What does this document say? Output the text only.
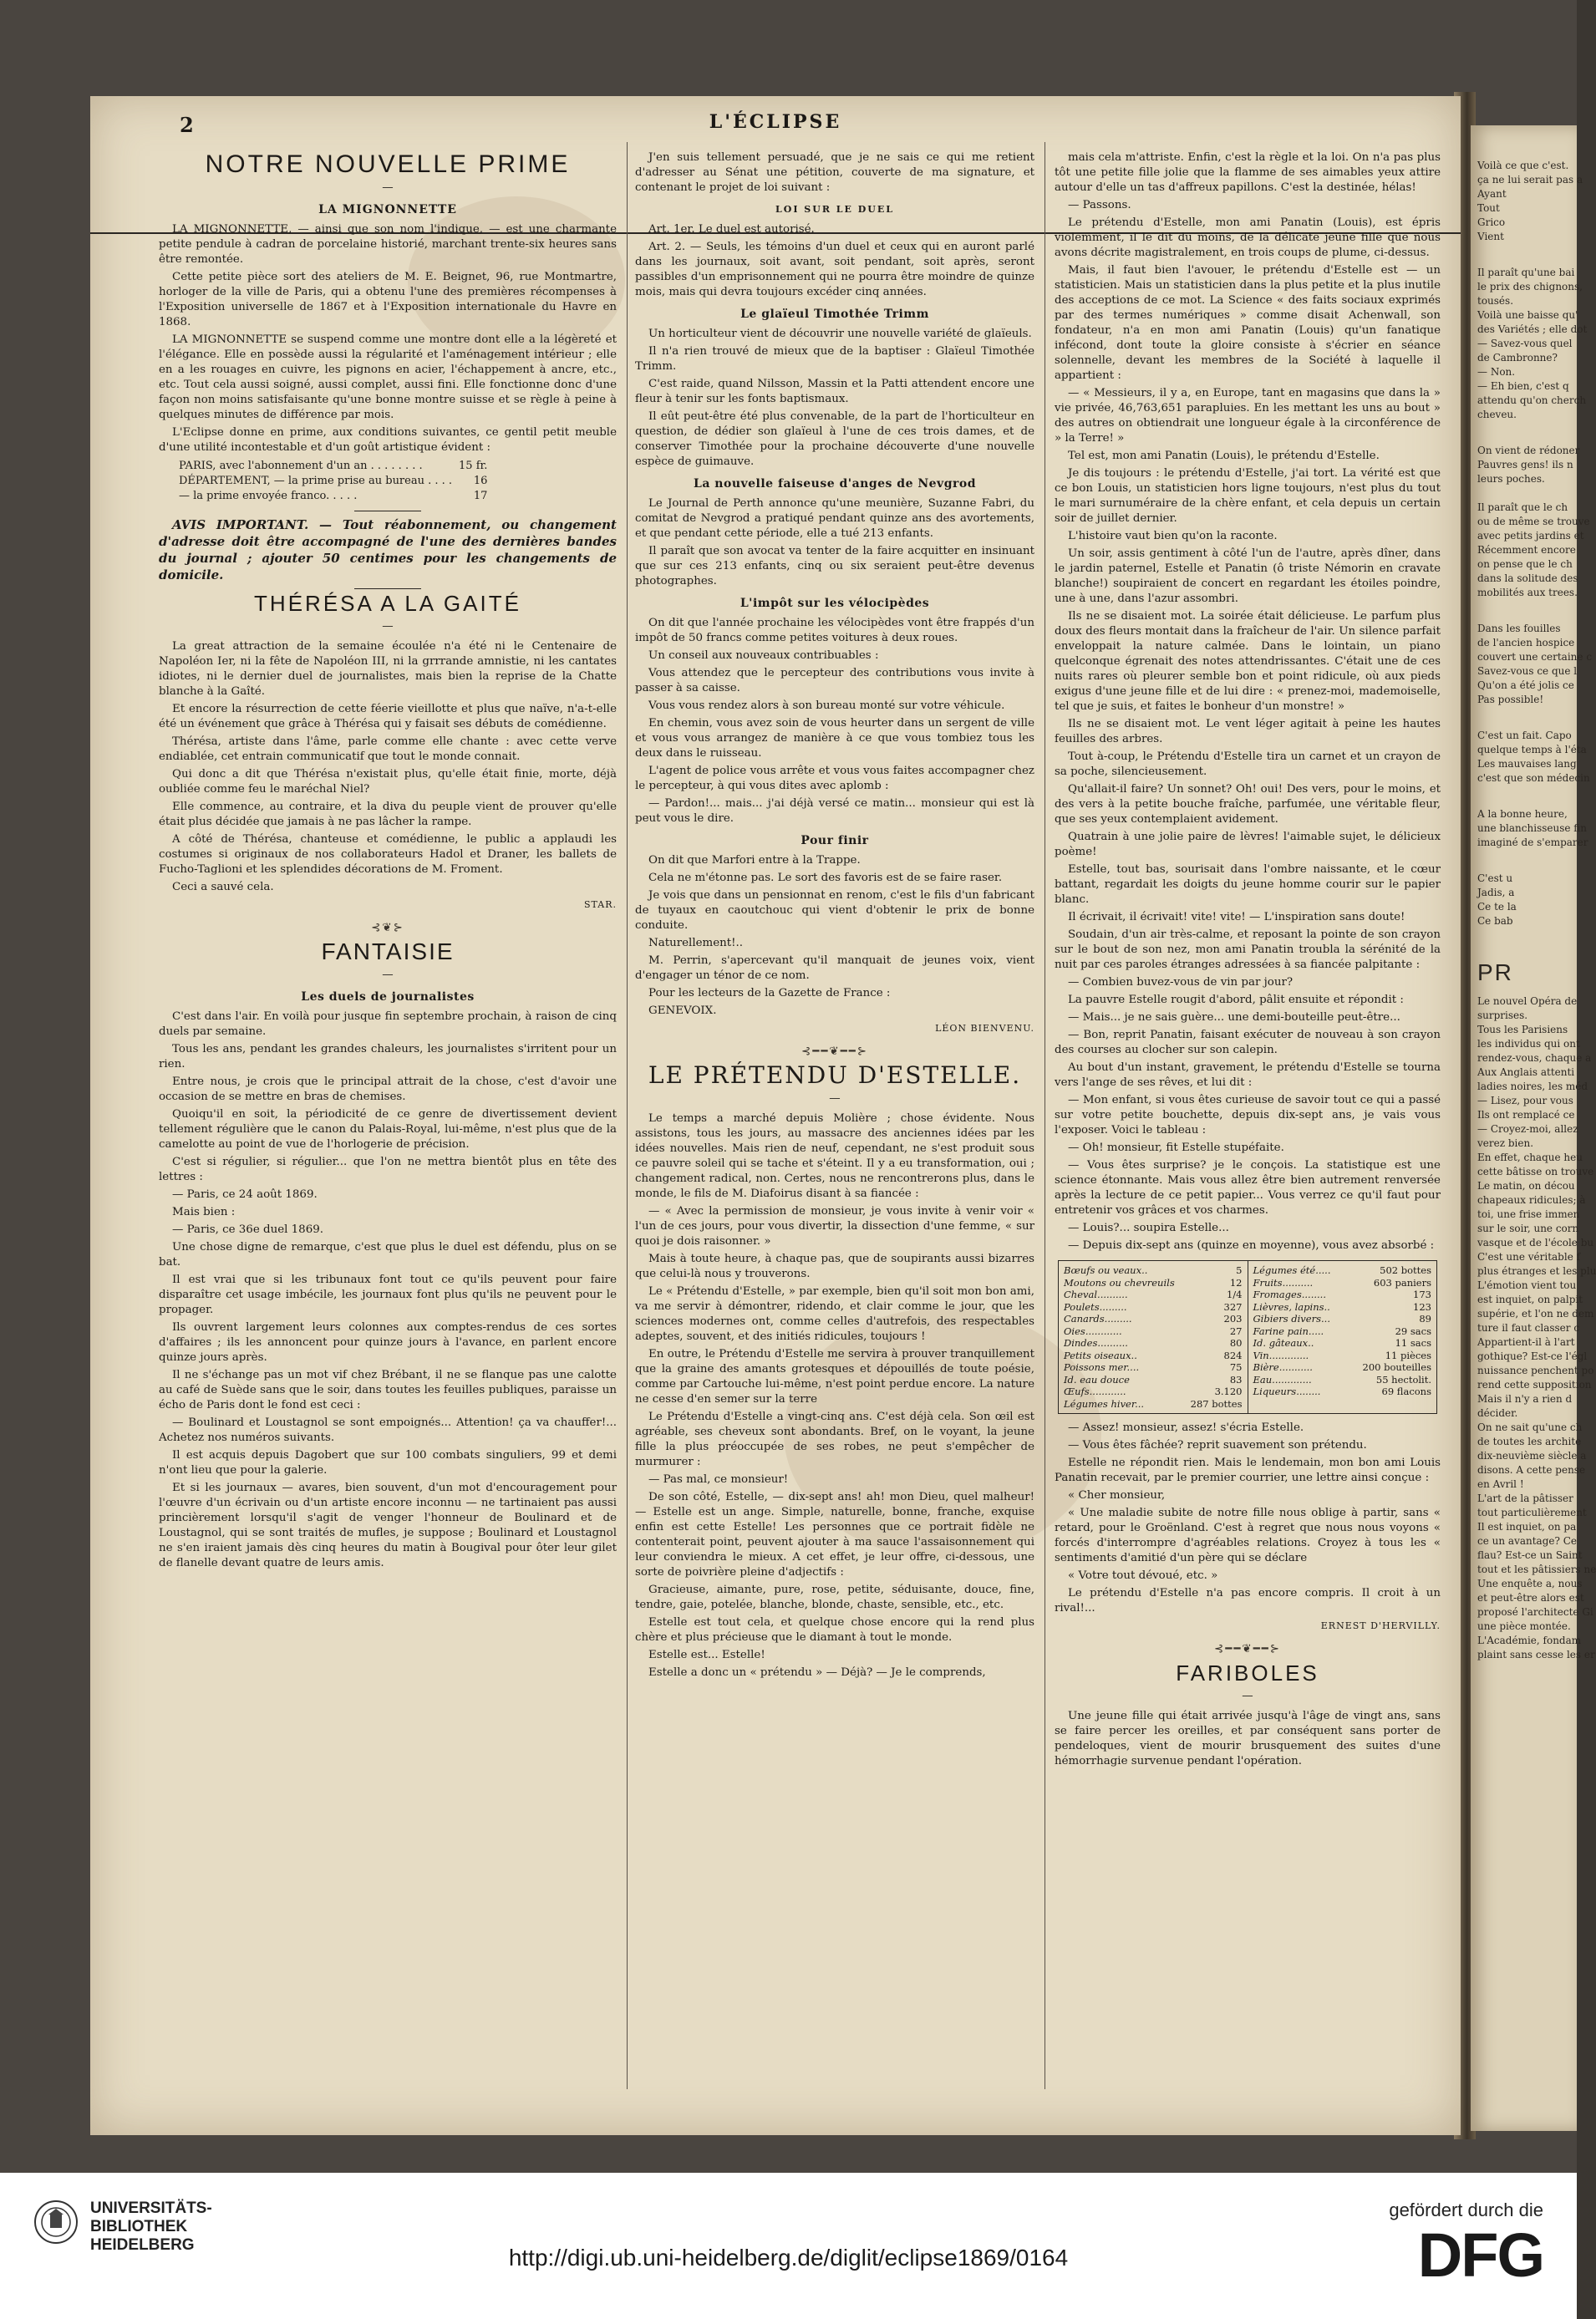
2	L'ÉCLIPSE
NOTRE NOUVELLE PRIME
—
LA MIGNONNETTE

LA MIGNONNETTE, — ainsi que son nom l'indique, — est une charmante petite pendule à cadran de porcelaine historié, marchant trente-six heures sans être remontée.

Cette petite pièce sort des ateliers de M. E. Beignet, 96, rue Montmartre, horloger de la ville de Paris, qui a obtenu l'une des premières récompenses à l'Exposition universelle de 1867 et à l'Exposition internationale du Havre en 1868.

LA MIGNONNETTE se suspend comme une montre dont elle a la légèreté et l'élégance. Elle en possède aussi la régularité et l'aménagement intérieur ; elle en a les rouages en cuivre, les pignons en acier, l'échappement à ancre, etc., etc. Tout cela aussi soigné, aussi complet, aussi fini. Elle fonctionne donc d'une façon non moins satisfaisante qu'une bonne montre suisse et se règle à peine à quelques minutes de différence par mois.

L'Eclipse donne en prime, aux conditions suivantes, ce gentil petit meuble d'une utilité incontestable et d'un goût artistique évident :

PARIS, avec l'abonnement d'un an . . . . . . . .	15 fr.
DÉPARTEMENT, — la prime prise au bureau . . . .	16
— la prime envoyée franco. . . . .	17

AVIS IMPORTANT. — Tout réabonnement, ou changement d'adresse doit être accompagné de l'une des dernières bandes du journal ; ajouter 50 centimes pour les changements de domicile.

THÉRÉSA A LA GAITÉ
—

La great attraction de la semaine écoulée n'a été ni le Centenaire de Napoléon Ier, ni la fête de Napoléon III, ni la grrrande amnistie, ni les cantates idiotes, ni le dernier duel de journalistes, mais bien la reprise de la Chatte blanche à la Gaîté.

Et encore la résurrection de cette féerie vieillotte et plus que naïve, n'a-t-elle été un événement que grâce à Thérésa qui y faisait ses débuts de comédienne.

Thérésa, artiste dans l'âme, parle comme elle chante : avec cette verve endiablée, cet entrain communicatif que tout le monde connait.

Qui donc a dit que Thérésa n'existait plus, qu'elle était finie, morte, déjà oubliée comme feu le maréchal Niel?

Elle commence, au contraire, et la diva du peuple vient de prouver qu'elle était plus décidée que jamais à ne pas lâcher la rampe.

A côté de Thérésa, chanteuse et comédienne, le public a applaudi les costumes si originaux de nos collaborateurs Hadol et Draner, les ballets de Fucho-Taglioni et les splendides décorations de M. Froment.

Ceci a sauvé cela.

STAR.
⊰❦⊱
FANTAISIE
—
Les duels de journalistes

C'est dans l'air. En voilà pour jusque fin septembre prochain, à raison de cinq duels par semaine.

Tous les ans, pendant les grandes chaleurs, les journalistes s'irritent pour un rien.

Entre nous, je crois que le principal attrait de la chose, c'est d'avoir une occasion de se mettre en bras de chemises.

Quoiqu'il en soit, la périodicité de ce genre de divertissement devient tellement régulière que le canon du Palais-Royal, lui-même, n'est plus que de la camelotte au point de vue de l'horlogerie de précision.

C'est si régulier, si régulier... que l'on ne mettra bientôt plus en tête des lettres :

— Paris, ce 24 août 1869.

Mais bien :

— Paris, ce 36e duel 1869.

Une chose digne de remarque, c'est que plus le duel est défendu, plus on se bat.

Il est vrai que si les tribunaux font tout ce qu'ils peuvent pour faire disparaître cet usage imbécile, les journaux font plus qu'ils ne peuvent pour le propager.

Ils ouvrent largement leurs colonnes aux comptes-rendus de ces sortes d'affaires ; ils les annoncent pour quinze jours à l'avance, en parlent encore quinze jours après.

Il ne s'échange pas un mot vif chez Brébant, il ne se flanque pas une calotte au café de Suède sans que le soir, dans toutes les feuilles publiques, paraisse un écho de Paris dont le fond est ceci :

— Boulinard et Loustagnol se sont empoignés... Attention! ça va chauffer!... Achetez nos numéros suivants.

Il est acquis depuis Dagobert que sur 100 combats singuliers, 99 et demi n'ont lieu que pour la galerie.

Et si les journaux — avares, bien souvent, d'un mot d'encouragement pour l'œuvre d'un écrivain ou d'un artiste encore inconnu — ne tartinaient pas aussi princièrement lorsqu'il s'agit de venger l'honneur de Boulinard et de Loustagnol, qui se sont traités de mufles, je suppose ; Boulinard et Loustagnol ne s'en iraient jamais dès cinq heures du matin à Bougival pour ôter leur gilet de flanelle devant quatre de leurs amis.

J'en suis tellement persuadé, que je ne sais ce qui me retient d'adresser au Sénat une pétition, couverte de ma signature, et contenant le projet de loi suivant :

LOI SUR LE DUEL

Art. 1er. Le duel est autorisé.

Art. 2. — Seuls, les témoins d'un duel et ceux qui en auront parlé dans les journaux, soit avant, soit pendant, soit après, seront passibles d'un emprisonnement qui ne pourra être moindre de quinze mois, mais qui devra toujours excéder cinq années.

Le glaïeul Timothée Trimm

Un horticulteur vient de découvrir une nouvelle variété de glaïeuls.

Il n'a rien trouvé de mieux que de la baptiser : Glaïeul Timothée Trimm.

C'est raide, quand Nilsson, Massin et la Patti attendent encore une fleur à tenir sur les fonts baptismaux.

Il eût peut-être été plus convenable, de la part de l'horticulteur en question, de dédier son glaïeul à l'une de ces trois dames, et de conserver Timothée pour la prochaine découverte d'une nouvelle espèce de guimauve.

La nouvelle faiseuse d'anges de Nevgrod

Le Journal de Perth annonce qu'une meunière, Suzanne Fabri, du comitat de Nevgrod a pratiqué pendant quinze ans des avortements, et que pendant cette période, elle a tué 213 enfants.

Il paraît que son avocat va tenter de la faire acquitter en insinuant que sur ces 213 enfants, cinq ou six seraient peut-être devenus photographes.

L'impôt sur les vélocipèdes

On dit que l'année prochaine les vélocipèdes vont être frappés d'un impôt de 50 francs comme petites voitures à deux roues.

Un conseil aux nouveaux contribuables :

Vous attendez que le percepteur des contributions vous invite à passer à sa caisse.

Vous vous rendez alors à son bureau monté sur votre véhicule.

En chemin, vous avez soin de vous heurter dans un sergent de ville et vous vous arrangez de manière à ce que vous tombiez tous les deux dans le ruisseau.

L'agent de police vous arrête et vous vous faites accompagner chez le percepteur, à qui vous dites avec aplomb :

— Pardon!... mais... j'ai déjà versé ce matin... monsieur qui est là peut vous le dire.

Pour finir

On dit que Marfori entre à la Trappe.

Cela ne m'étonne pas. Le sort des favoris est de se faire raser.

Je vois que dans un pensionnat en renom, c'est le fils d'un fabricant de tuyaux en caoutchouc qui vient d'obtenir le prix de bonne conduite.

Naturellement!..

M. Perrin, s'apercevant qu'il manquait de jeunes voix, vient d'engager un ténor de ce nom.

Pour les lecteurs de la Gazette de France :

GENEVOIX.

LÉON BIENVENU.
⊰━━❦━━⊱
LE PRÉTENDU D'ESTELLE.
—

Le temps a marché depuis Molière ; chose évidente. Nous assistons, tous les jours, au massacre des anciennes idées par les idées nouvelles. Mais rien de neuf, cependant, ne s'est produit sous ce pauvre soleil qui se tache et s'éteint. Il y a eu transformation, oui ; changement radical, non. Certes, nous ne rencontrerons plus, dans le monde, le fils de M. Diafoirus disant à sa fiancée :

— « Avec la permission de monsieur, je vous invite à venir voir « l'un de ces jours, pour vous divertir, la dissection d'une femme, « sur quoi je dois raisonner. »

Mais à toute heure, à chaque pas, que de soupirants aussi bizarres que celui-là nous y trouverons.

Le « Prétendu d'Estelle, » par exemple, bien qu'il soit mon bon ami, va me servir à démontrer, ridendo, et clair comme le jour, que les sciences modernes ont, comme celles d'autrefois, des respectables adeptes, souvent, et des initiés ridicules, toujours !

En outre, le Prétendu d'Estelle me servira à prouver tranquillement que la graine des amants grotesques et dépouillés de toute poésie, comme par Cartouche lui-même, n'est point perdue encore. La nature ne cesse d'en semer sur la terre

Le Prétendu d'Estelle a vingt-cinq ans. C'est déjà cela. Son œil est agréable, ses cheveux sont abondants. Bref, on le voyant, la jeune fille la plus préoccupée de ses robes, ne peut s'empêcher de murmurer :

— Pas mal, ce monsieur!

De son côté, Estelle, — dix-sept ans! ah! mon Dieu, quel malheur! — Estelle est un ange. Simple, naturelle, bonne, franche, exquise enfin est cette Estelle! Les personnes que ce portrait fidèle ne contenterait point, peuvent ajouter à ma sauce l'assaisonnement qui leur conviendra le mieux. A cet effet, je leur offre, ci-dessous, une sorte de poivrière pleine d'adjectifs :

Gracieuse, aimante, pure, rose, petite, séduisante, douce, fine, tendre, gaie, potelée, blanche, blonde, chaste, sensible, etc., etc.

Estelle est tout cela, et quelque chose encore qui la rend plus chère et plus précieuse que le diamant à tout le monde.

Estelle est... Estelle!

Estelle a donc un « prétendu » — Déjà? — Je le comprends,

mais cela m'attriste. Enfin, c'est la règle et la loi. On n'a pas plus tôt une petite fille jolie que la flamme de ses aimables yeux attire autour d'elle un tas d'affreux papillons. C'est la destinée, hélas!

— Passons.

Le prétendu d'Estelle, mon ami Panatin (Louis), est épris violemment, il le dit du moins, de la délicate jeune fille que nous avons décrite magistralement, en trois coups de plume, ci-dessus.

Mais, il faut bien l'avouer, le prétendu d'Estelle est — un statisticien. Mais un statisticien dans la plus petite et la plus inutile des acceptions de ce mot. La Science « des faits sociaux exprimés par des termes numériques » comme disait Achenwall, son fondateur, n'a en mon ami Panatin (Louis) qu'un fanatique infécond, dont toute la gloire consiste à s'écrier en séance solennelle, devant les membres de la Société à laquelle il appartient :

— « Messieurs, il y a, en Europe, tant en magasins que dans la » vie privée, 46,763,651 parapluies. En les mettant les uns au bout » des autres on obtiendrait une longueur égale à la circonférence de » la Terre! »

Tel est, mon ami Panatin (Louis), le prétendu d'Estelle.

Je dis toujours : le prétendu d'Estelle, j'ai tort. La vérité est que ce bon Louis, un statisticien hors ligne toujours, n'est plus du tout le mari surnuméraire de la chère enfant, et cela depuis un certain soir de juillet dernier.

L'histoire vaut bien qu'on la raconte.

Un soir, assis gentiment à côté l'un de l'autre, après dîner, dans le jardin paternel, Estelle et Panatin (ô triste Némorin en cravate blanche!) soupiraient de concert en regardant les étoiles poindre, une à une, dans l'azur assombri.

Ils ne se disaient mot. La soirée était délicieuse. Le parfum plus doux des fleurs montait dans la fraîcheur de l'air. Un silence parfait enveloppait la nature calmée. Dans le lointain, un piano quelconque égrenait des notes attendrissantes. C'était une de ces nuits rares où pleurer semble bon et point ridicule, où aux pieds exigus d'une jeune fille et de lui dire : « prenez-moi, mademoiselle, tel que je suis, et faites le bonheur d'un monstre! »

Ils ne se disaient mot. Le vent léger agitait à peine les hautes feuilles des arbres.

Tout à-coup, le Prétendu d'Estelle tira un carnet et un crayon de sa poche, silencieusement.

Qu'allait-il faire? Un sonnet? Oh! oui! Des vers, pour le moins, et des vers à la petite bouche fraîche, parfumée, une véritable fleur, que ses yeux contemplaient avidement.

Quatrain à une jolie paire de lèvres! l'aimable sujet, le délicieux poème!

Estelle, tout bas, sourisait dans l'ombre naissante, et le cœur battant, regardait les doigts du jeune homme courir sur le papier blanc.

Il écrivait, il écrivait! vite! vite! — L'inspiration sans doute!

Soudain, d'un air très-calme, et reposant la pointe de son crayon sur le bout de son nez, mon ami Panatin troubla la sérénité de la nuit par ces paroles étranges adressées à sa fiancée palpitante :

— Combien buvez-vous de vin par jour?

La pauvre Estelle rougit d'abord, pâlit ensuite et répondit :

— Mais... je ne sais guère... une demi-bouteille peut-être...

— Bon, reprit Panatin, faisant exécuter de nouveau à son crayon des courses au clocher sur son calepin.

Au bout d'un instant, gravement, le prétendu d'Estelle se tourna vers l'ange de ses rêves, et lui dit :

— Mon enfant, si vous êtes curieuse de savoir tout ce qui a passé sur votre petite bouchette, depuis dix-sept ans, je vais vous l'exposer. Voici le tableau :

— Oh! monsieur, fit Estelle stupéfaite.

— Vous êtes surprise? je le conçois. La statistique est une science étonnante. Mais vous allez être bien autrement renversée après la lecture de ce petit papier... Vous verrez ce qu'il faut pour entretenir vos grâces et vos charmes.

— Louis?... soupira Estelle...

— Depuis dix-sept ans (quinze en moyenne), vous avez absorbé :

Bœufs ou veaux..	5
Moutons ou chevreuils	12
Cheval..........	1/4
Poulets.........	327
Canards.........	203
Oies............	27
Dindes..........	80
Petits oiseaux..	824
Poissons mer....	75
Id. eau douce	83
Œufs............	3.120
Légumes hiver...	287 bottes
Légumes été.....	502 bottes
Fruits..........	603 paniers
Fromages........	173
Lièvres, lapins..	123
Gibiers divers...	89
Farine pain.....	29 sacs
Id. gâteaux..	11 sacs
Vin.............	11 pièces
Bière...........	200 bouteilles
Eau.............	55 hectolit.
Liqueurs........	69 flacons

— Assez! monsieur, assez! s'écria Estelle.

— Vous êtes fâchée? reprit suavement son prétendu.

Estelle ne répondit rien. Mais le lendemain, mon bon ami Louis Panatin recevait, par le premier courrier, une lettre ainsi conçue :

« Cher monsieur,

« Une maladie subite de notre fille nous oblige à partir, sans « retard, pour le Groënland. C'est à regret que nous nous voyons « forcés d'interrompre d'agréables relations. Croyez à tous les « sentiments d'amitié d'un père qui se déclare

« Votre tout dévoué, etc. »

Le prétendu d'Estelle n'a pas encore compris. Il croit à un rival!...

ERNEST D'HERVILLY.
⊰━━❦━━⊱
FARIBOLES
—

Une jeune fille qui était arrivée jusqu'à l'âge de vingt ans, sans se faire percer les oreilles, et par conséquent sans porter de pendeloques, vient de mourir brusquement des suites d'une hémorrhagie survenue pendant l'opération.

Voilà ce que c'est.
ça ne lui serait pas a
Ayant
Tout
Grico
Vient
Il paraît qu'une bai
le prix des chignons,
tousés.
Voilà une baisse qu'
des Variétés ; elle dot
— Savez-vous quel
de Cambronne?
— Non.
— Eh bien, c'est q
attendu qu'on cherch
cheveu.
On vient de rédoner
Pauvres gens! ils n
leurs poches.

Il paraît que le ch
ou de même se trouve
avec petits jardins et
Récemment encore
on pense que le ch
dans la solitude des
mobilités aux trees.
Dans les fouilles
de l'ancien hospice
couvert une certaine c
Savez-vous ce que l
Qu'on a été jolis ce
Pas possible!
C'est un fait. Capo
quelque temps à l'éta
Les mauvaises lang
c'est que son médecin
A la bonne heure,
une blanchisseuse fin
imaginé de s'emparer
C'est u
Jadis, a
Ce te la
Ce bab
PR
Le nouvel Opéra de
surprises.
Tous les Parisiens
les individus qui ont
rendez-vous, chaque a
Aux Anglais attenti
ladies noires, les méd
— Lisez, pour vous
Ils ont remplacé ce
— Croyez-moi, allez
verez bien.
En effet, chaque heu
cette bâtisse on trouve
Le matin, on décou
chapeaux ridicules; à
toi, une frise immen
sur le soir, une corn
vasque et de l'école bu
C'est une véritable f
plus étranges et les plu
L'émotion vient tou
est inquiet, on palpit
supérie, et l'on ne dem
ture il faut classer c
Appartient-il à l'art
gothique? Est-ce l'égl
nuissance penchent po
rend cette supposition
Mais il n'y a rien d
décider.
On ne sait qu'une ch
de toutes les archite
dix-neuvième siècle a
disons. A cette pense
en Avril !
L'art de la pâtisser
tout particulièrement
Il est inquiet, on pa
ce un avantage? Ce
flau? Est-ce un Saint
tout et les pâtissiers ne
Une enquête a, nous
et peut-être alors est
proposé l'architecte Gi
une pièce montée.
L'Académie, fondam
plaint sans cesse les er
UNIVERSITÄTS-
BIBLIOTHEK
HEIDELBERG	http://digi.ub.uni-heidelberg.de/diglit/eclipse1869/0164
gefördert durch die
DFG
